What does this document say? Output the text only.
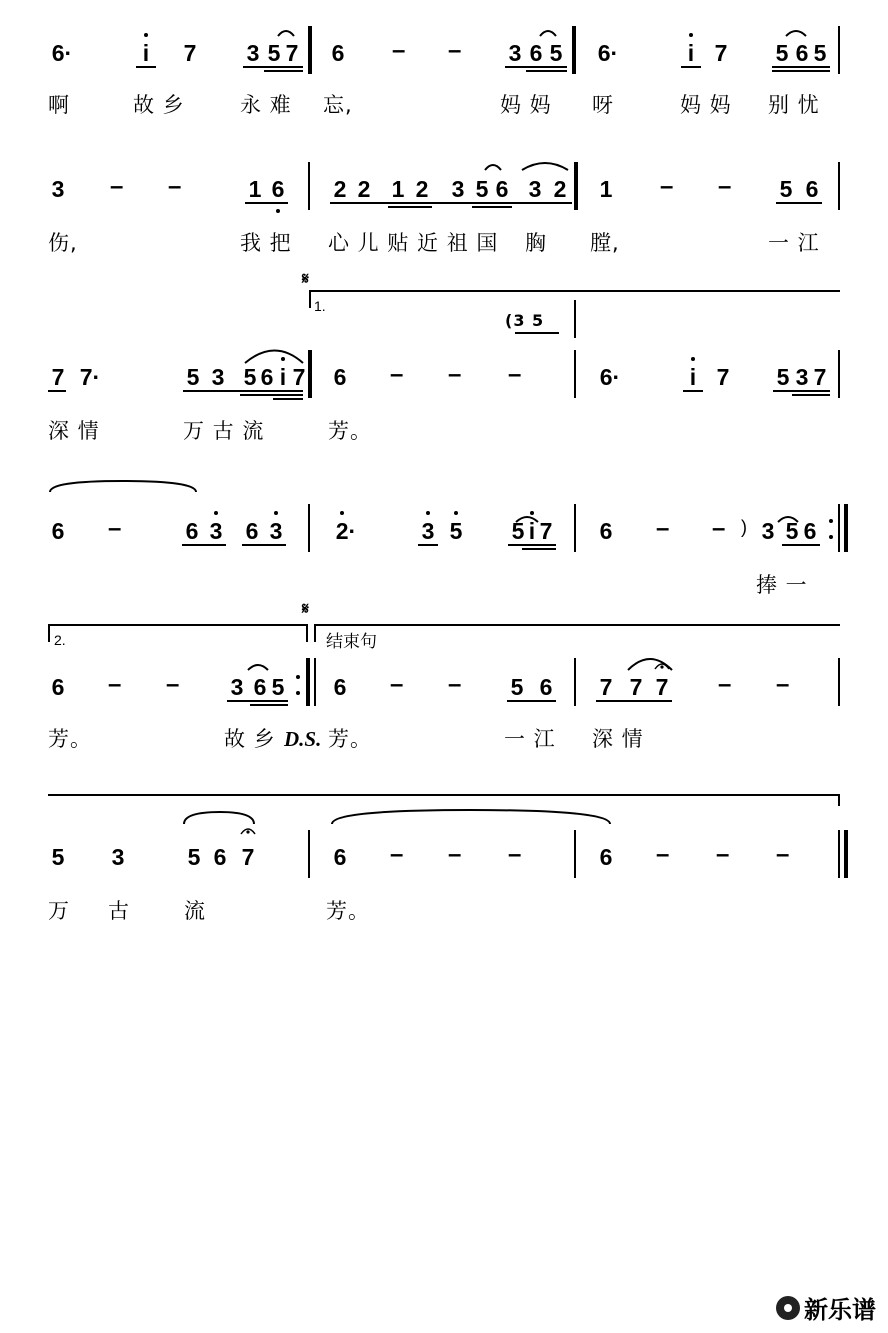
6·	i 7 3 5 7 6 – – 3 6 5 6·	i 7 5 6 5
啊	故 乡	永 难 忘,	妈 妈 呀	妈 妈 别 忧
3 – –	1 6 2 2 1 2 3 5 6 3 2 1 – – 5 6
伤,	我 把 心 儿 贴 近 祖 国 胸 膛,	一 江
𝄋
1.
(3 5
7 7·	5 3 5 6 i 7 6 – – –	6·	i 7 5 3 7
深 情	万 古 流	芳。
6 –	6 3 6 3 2·	3 5 5 i 7 6 – – ) 3 5 6
捧 一
𝄋
2.	结束句
6 – – 3 6 5 6 – – 5 6 7 7 7 – –
芳。	故 乡 D.S. 芳。	一 江 深 情
5 3	5 6 7	6 – – –	6 – – –
万 古	流	芳。
新乐谱
